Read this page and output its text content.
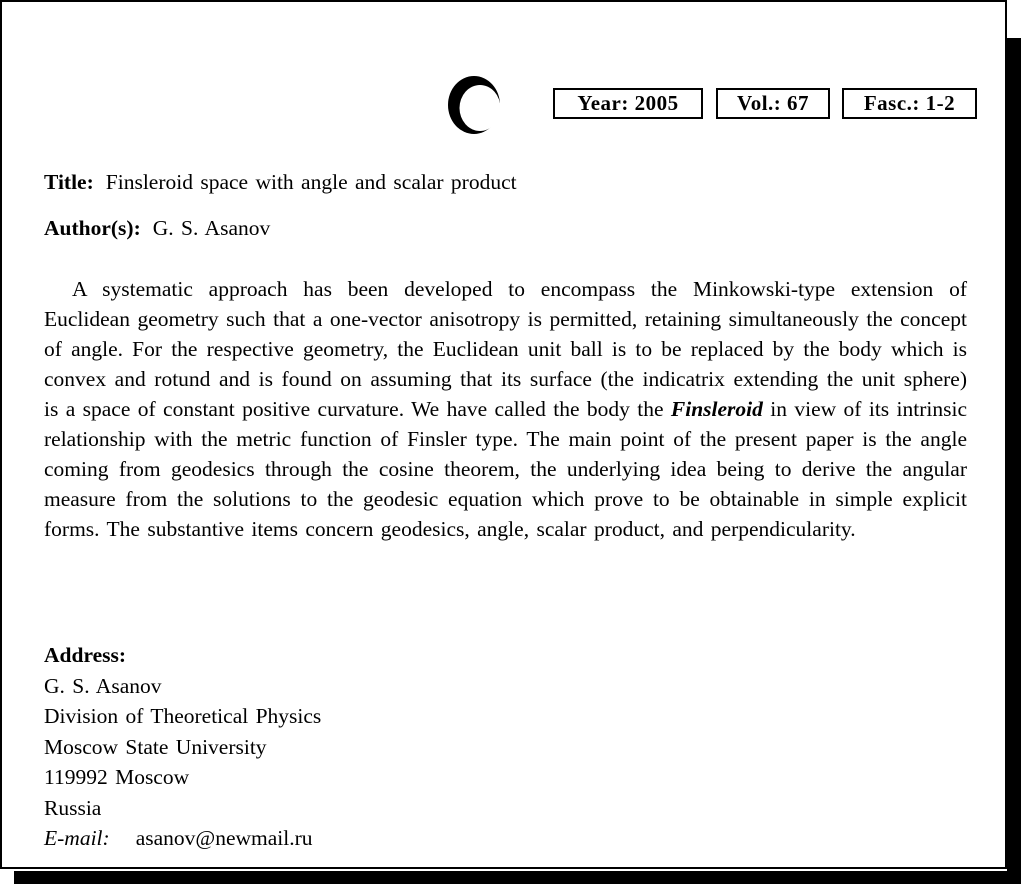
Year: 2005	Vol.: 67	Fasc.: 1-2

Title: Finsleroid space with angle and scalar product

Author(s): G. S. Asanov

A systematic approach has been developed to encompass the Minkowski-type extension of Euclidean geometry such that a one-vector anisotropy is permitted, retaining simultaneously the concept of angle. For the respective geometry, the Euclidean unit ball is to be replaced by the body which is convex and rotund and is found on assuming that its surface (the indicatrix extending the unit sphere) is a space of constant positive curvature. We have called the body the Finsleroid in view of its intrinsic relationship with the metric function of Finsler type. The main point of the present paper is the angle coming from geodesics through the cosine theorem, the underlying idea being to derive the angular measure from the solutions to the geodesic equation which prove to be obtainable in simple explicit forms. The substantive items concern geodesics, angle, scalar product, and perpendicularity.

Address:

G. S. Asanov

Division of Theoretical Physics

Moscow State University

119992 Moscow

Russia

E-mail: asanov@newmail.ru
